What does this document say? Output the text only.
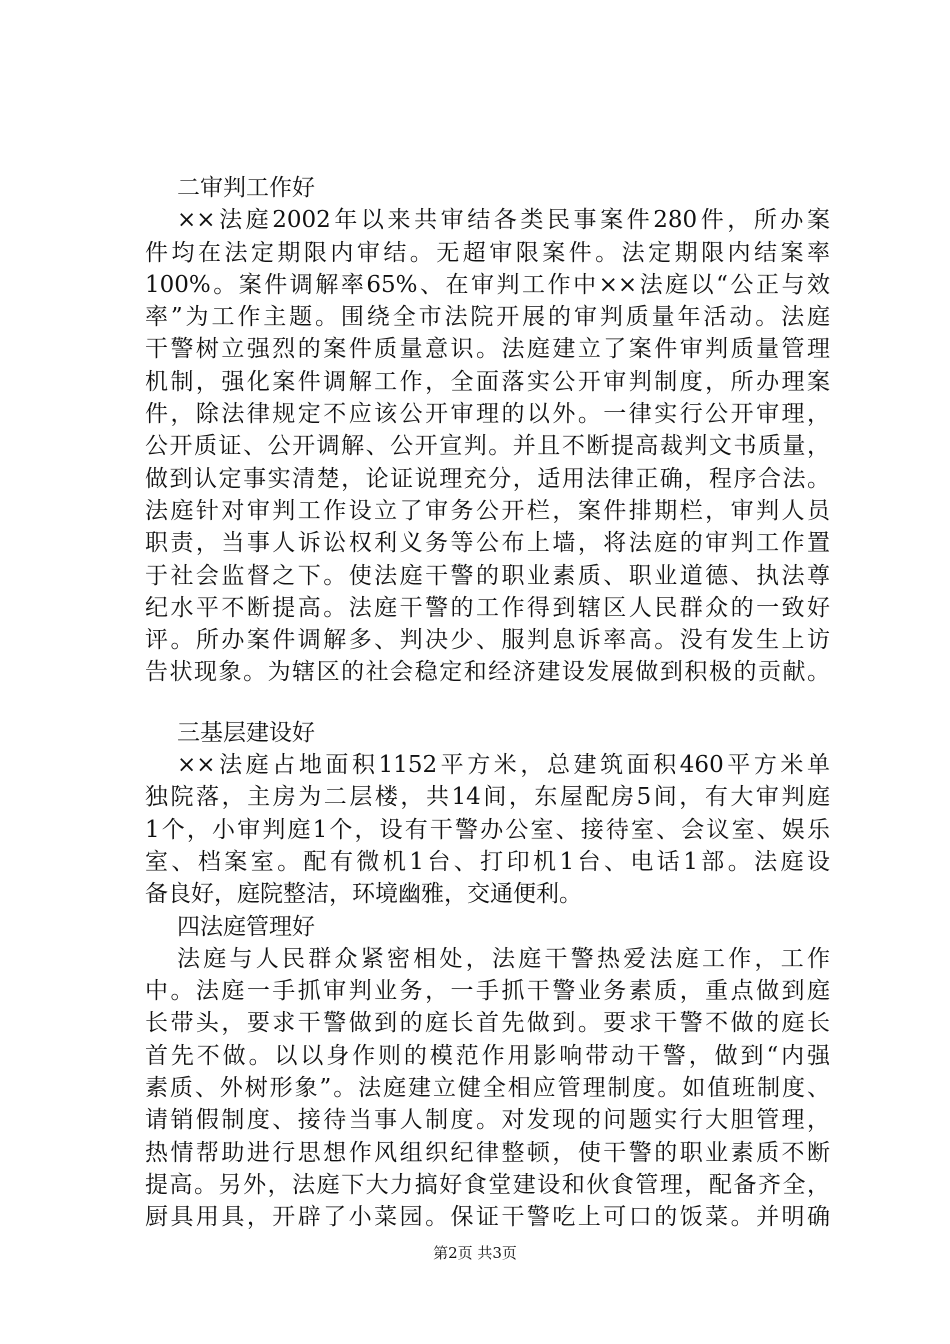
二审判工作好
××法庭2002年以来共审结各类民事案件280件，所办案
件均在法定期限内审结。无超审限案件。法定期限内结案率
100%。案件调解率65%、在审判工作中××法庭以“公正与效
率”为工作主题。围绕全市法院开展的审判质量年活动。法庭
干警树立强烈的案件质量意识。法庭建立了案件审判质量管理
机制，强化案件调解工作，全面落实公开审判制度，所办理案
件，除法律规定不应该公开审理的以外。一律实行公开审理，
公开质证、公开调解、公开宣判。并且不断提高裁判文书质量，
做到认定事实清楚，论证说理充分，适用法律正确，程序合法。
法庭针对审判工作设立了审务公开栏，案件排期栏，审判人员
职责，当事人诉讼权利义务等公布上墙，将法庭的审判工作置
于社会监督之下。使法庭干警的职业素质、职业道德、执法尊
纪水平不断提高。法庭干警的工作得到辖区人民群众的一致好
评。所办案件调解多、判决少、服判息诉率高。没有发生上访
告状现象。为辖区的社会稳定和经济建设发展做到积极的贡献。
三基层建设好
××法庭占地面积1152平方米，总建筑面积460平方米单
独院落，主房为二层楼，共14间，东屋配房5间，有大审判庭
1个，小审判庭1个，设有干警办公室、接待室、会议室、娱乐
室、档案室。配有微机1台、打印机1台、电话1部。法庭设
备良好，庭院整洁，环境幽雅，交通便利。
四法庭管理好
法庭与人民群众紧密相处，法庭干警热爱法庭工作，工作
中。法庭一手抓审判业务，一手抓干警业务素质，重点做到庭
长带头，要求干警做到的庭长首先做到。要求干警不做的庭长
首先不做。以以身作则的模范作用影响带动干警，做到“内强
素质、外树形象”。法庭建立健全相应管理制度。如值班制度、
请销假制度、接待当事人制度。对发现的问题实行大胆管理，
热情帮助进行思想作风组织纪律整顿，使干警的职业素质不断
提高。另外，法庭下大力搞好食堂建设和伙食管理，配备齐全，
厨具用具，开辟了小菜园。保证干警吃上可口的饭菜。并明确
第2页 共3页
